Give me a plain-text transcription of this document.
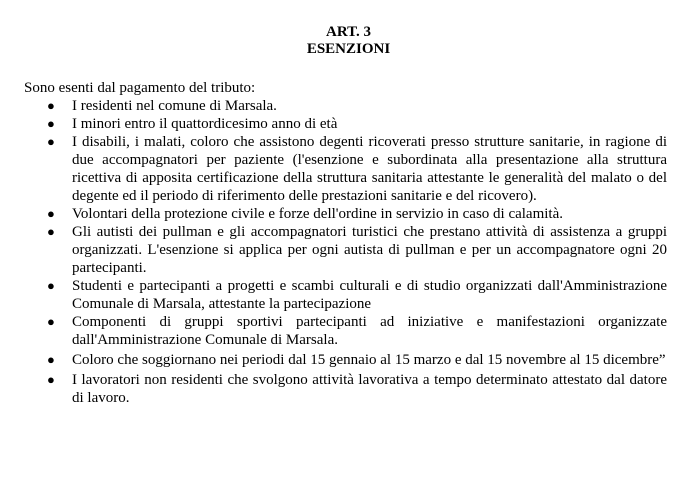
ART. 3
ESENZIONI
Sono esenti dal pagamento del tributo:
● I residenti nel comune di Marsala.
● I minori entro il quattordicesimo anno di età
● I disabili, i malati, coloro che assistono degenti ricoverati presso strutture sanitarie, in ragione di due accompagnatori per paziente (l'esenzione e subordinata alla presentazione alla struttura ricettiva di apposita certificazione della struttura sanitaria attestante le generalità del malato o del degente ed il periodo di riferimento delle prestazioni sanitarie e del ricovero).
● Volontari della protezione civile e forze dell'ordine in servizio in caso di calamità.
● Gli autisti dei pullman e gli accompagnatori turistici che prestano attività di assistenza a gruppi organizzati. L'esenzione si applica per ogni autista di pullman e per un accompagnatore ogni 20 partecipanti.
● Studenti e partecipanti a progetti e scambi culturali e di studio organizzati dall'Amministrazione Comunale di Marsala, attestante la partecipazione
● Componenti di gruppi sportivi partecipanti ad iniziative e manifestazioni organizzate dall'Amministrazione Comunale di Marsala.
● Coloro che soggiornano nei periodi dal 15 gennaio al 15 marzo e dal 15 novembre al 15 dicembre”
● I lavoratori non residenti che svolgono attività lavorativa a tempo determinato attestato dal datore di lavoro.
